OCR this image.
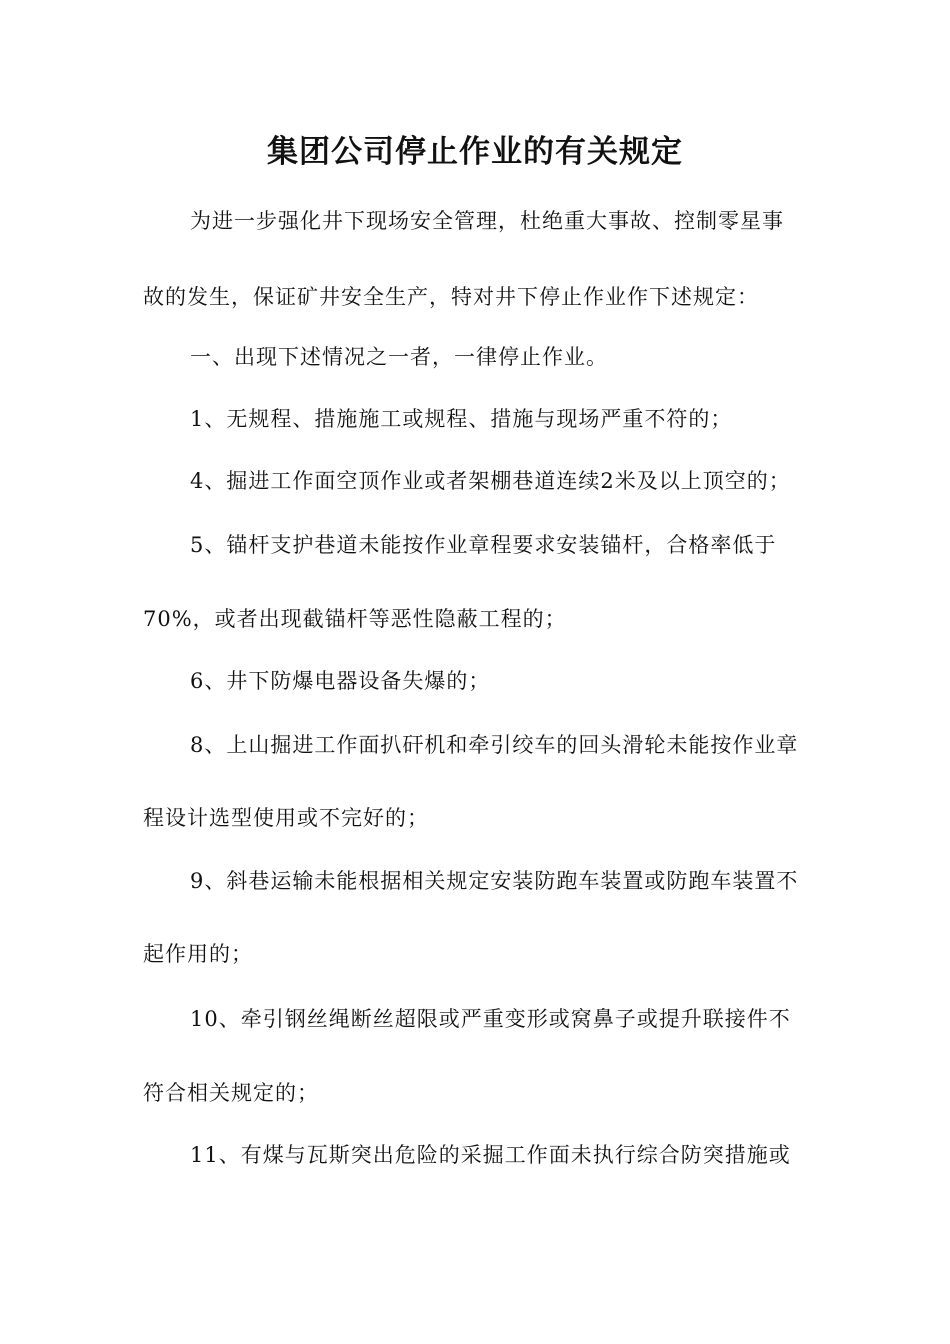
集团公司停止作业的有关规定
为进一步强化井下现场安全管理，杜绝重大事故、控制零星事
故的发生，保证矿井安全生产，特对井下停止作业作下述规定：
一、出现下述情况之一者，一律停止作业。
1、无规程、措施施工或规程、措施与现场严重不符的；
4、掘进工作面空顶作业或者架棚巷道连续2米及以上顶空的；
5、锚杆支护巷道未能按作业章程要求安装锚杆，合格率低于
70%，或者出现截锚杆等恶性隐蔽工程的；
6、井下防爆电器设备失爆的；
8、上山掘进工作面扒矸机和牵引绞车的回头滑轮未能按作业章
程设计选型使用或不完好的；
9、斜巷运输未能根据相关规定安装防跑车装置或防跑车装置不
起作用的；
10、牵引钢丝绳断丝超限或严重变形或窝鼻子或提升联接件不
符合相关规定的；
11、有煤与瓦斯突出危险的采掘工作面未执行综合防突措施或
